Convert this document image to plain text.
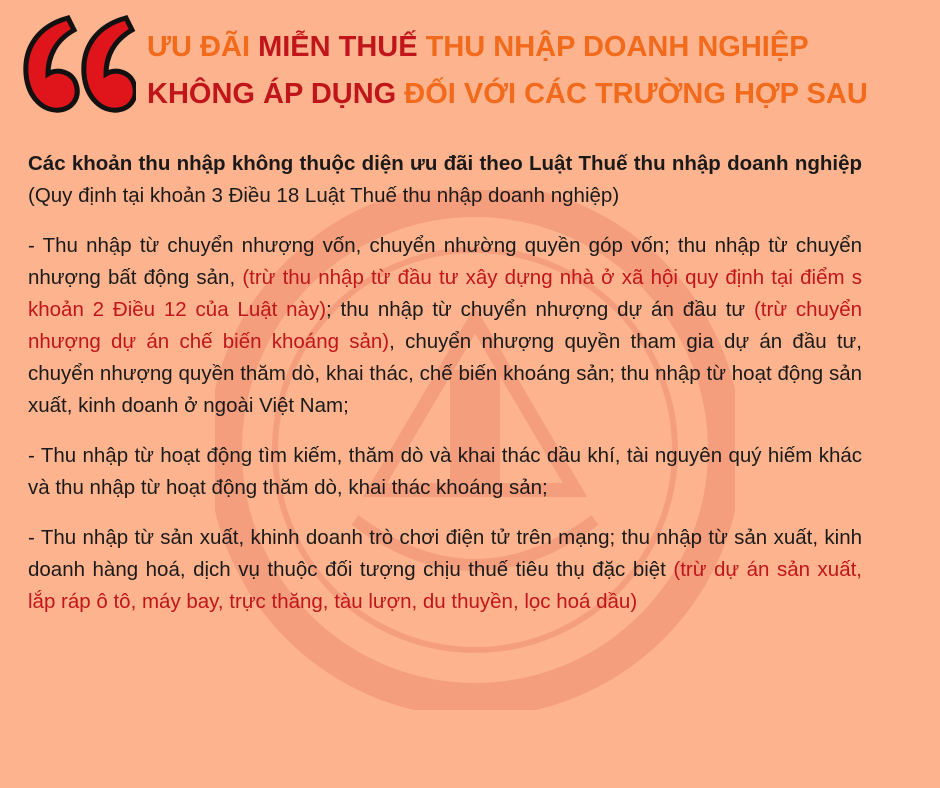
ƯU ĐÃI MIỄN THUẾ THU NHẬP DOANH NGHIỆP
KHÔNG ÁP DỤNG ĐỐI VỚI CÁC TRƯỜNG HỢP SAU

Các khoản thu nhập không thuộc diện ưu đãi theo Luật Thuế thu nhập doanh nghiệp (Quy định tại khoản 3 Điều 18 Luật Thuế thu nhập doanh nghiệp)

- Thu nhập từ chuyển nhượng vốn, chuyển nhường quyền góp vốn; thu nhập từ chuyển nhượng bất động sản, (trừ thu nhập từ đầu tư xây dựng nhà ở xã hội quy định tại điểm s khoản 2 Điều 12 của Luật này); thu nhập từ chuyển nhượng dự án đầu tư (trừ chuyển nhượng dự án chế biến khoáng sản), chuyển nhượng quyền tham gia dự án đầu tư, chuyển nhượng quyền thăm dò, khai thác, chế biến khoáng sản; thu nhập từ hoạt động sản xuất, kinh doanh ở ngoài Việt Nam;

- Thu nhập từ hoạt động tìm kiếm, thăm dò và khai thác dầu khí, tài nguyên quý hiếm khác và thu nhập từ hoạt động thăm dò, khai thác khoáng sản;

- Thu nhập từ sản xuất, khinh doanh trò chơi điện tử trên mạng; thu nhập từ sản xuất, kinh doanh hàng hoá, dịch vụ thuộc đối tượng chịu thuế tiêu thụ đặc biệt (trừ dự án sản xuất, lắp ráp ô tô, máy bay, trực thăng, tàu lượn, du thuyền, lọc hoá dầu)
